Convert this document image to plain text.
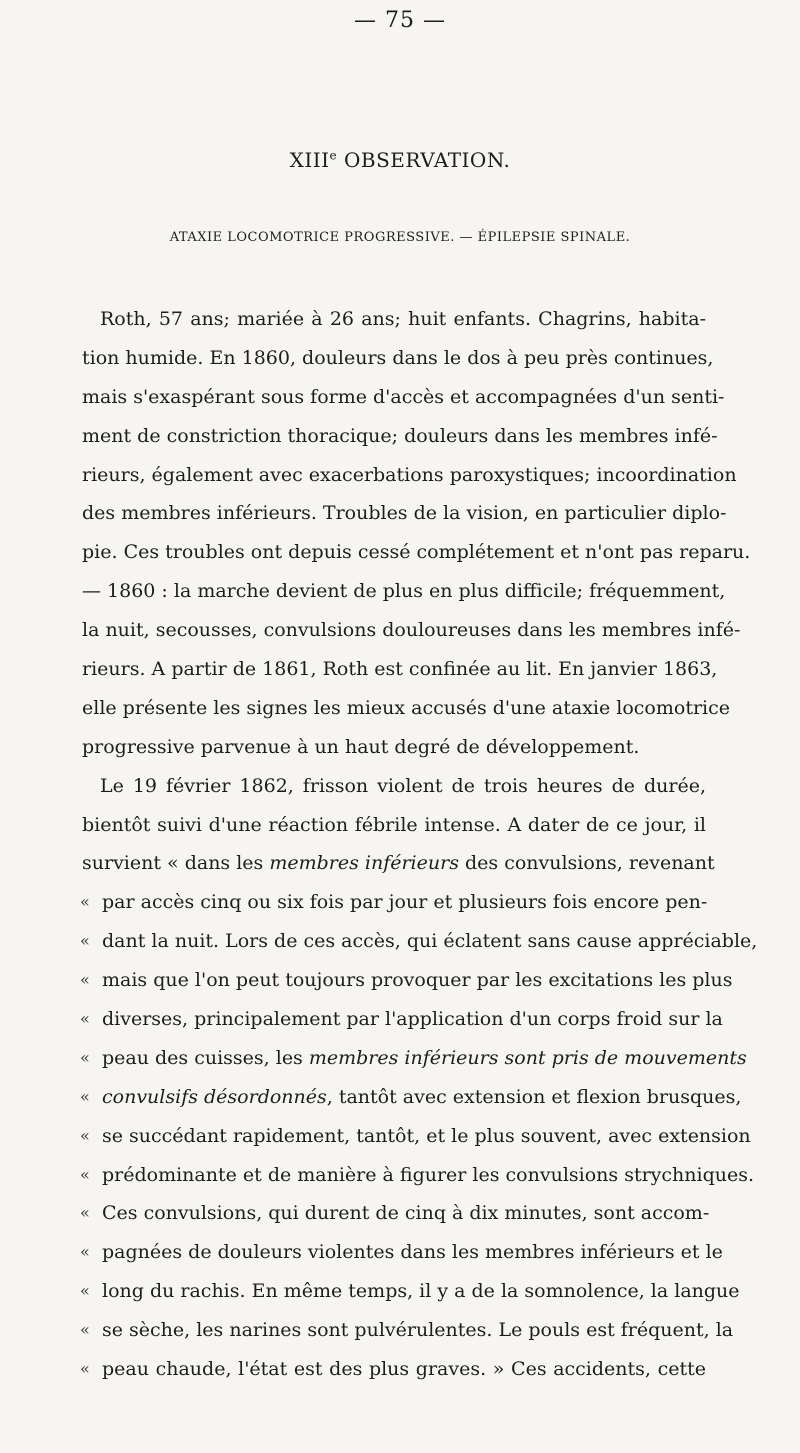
— 75 —
XIIIe OBSERVATION.
ATAXIE LOCOMOTRICE PROGRESSIVE. — ÉPILEPSIE SPINALE.
Roth, 57 ans; mariée à 26 ans; huit enfants. Chagrins, habita-
tion humide. En 1860, douleurs dans le dos à peu près continues,
mais s'exaspérant sous forme d'accès et accompagnées d'un senti-
ment de constriction thoracique; douleurs dans les membres infé-
rieurs, également avec exacerbations paroxystiques; incoordination
des membres inférieurs. Troubles de la vision, en particulier diplo-
pie. Ces troubles ont depuis cessé complétement et n'ont pas reparu.
— 1860 : la marche devient de plus en plus difficile; fréquemment,
la nuit, secousses, convulsions douloureuses dans les membres infé-
rieurs. A partir de 1861, Roth est confinée au lit. En janvier 1863,
elle présente les signes les mieux accusés d'une ataxie locomotrice
progressive parvenue à un haut degré de développement.
Le 19 février 1862, frisson violent de trois heures de durée,
bientôt suivi d'une réaction fébrile intense. A dater de ce jour, il
survient « dans les membres inférieurs des convulsions, revenant
« par accès cinq ou six fois par jour et plusieurs fois encore pen-
« dant la nuit. Lors de ces accès, qui éclatent sans cause appréciable,
« mais que l'on peut toujours provoquer par les excitations les plus
« diverses, principalement par l'application d'un corps froid sur la
« peau des cuisses, les membres inférieurs sont pris de mouvements
« convulsifs désordonnés, tantôt avec extension et flexion brusques,
« se succédant rapidement, tantôt, et le plus souvent, avec extension
« prédominante et de manière à figurer les convulsions strychniques.
« Ces convulsions, qui durent de cinq à dix minutes, sont accom-
« pagnées de douleurs violentes dans les membres inférieurs et le
« long du rachis. En même temps, il y a de la somnolence, la langue
« se sèche, les narines sont pulvérulentes. Le pouls est fréquent, la
« peau chaude, l'état est des plus graves. » Ces accidents, cette
